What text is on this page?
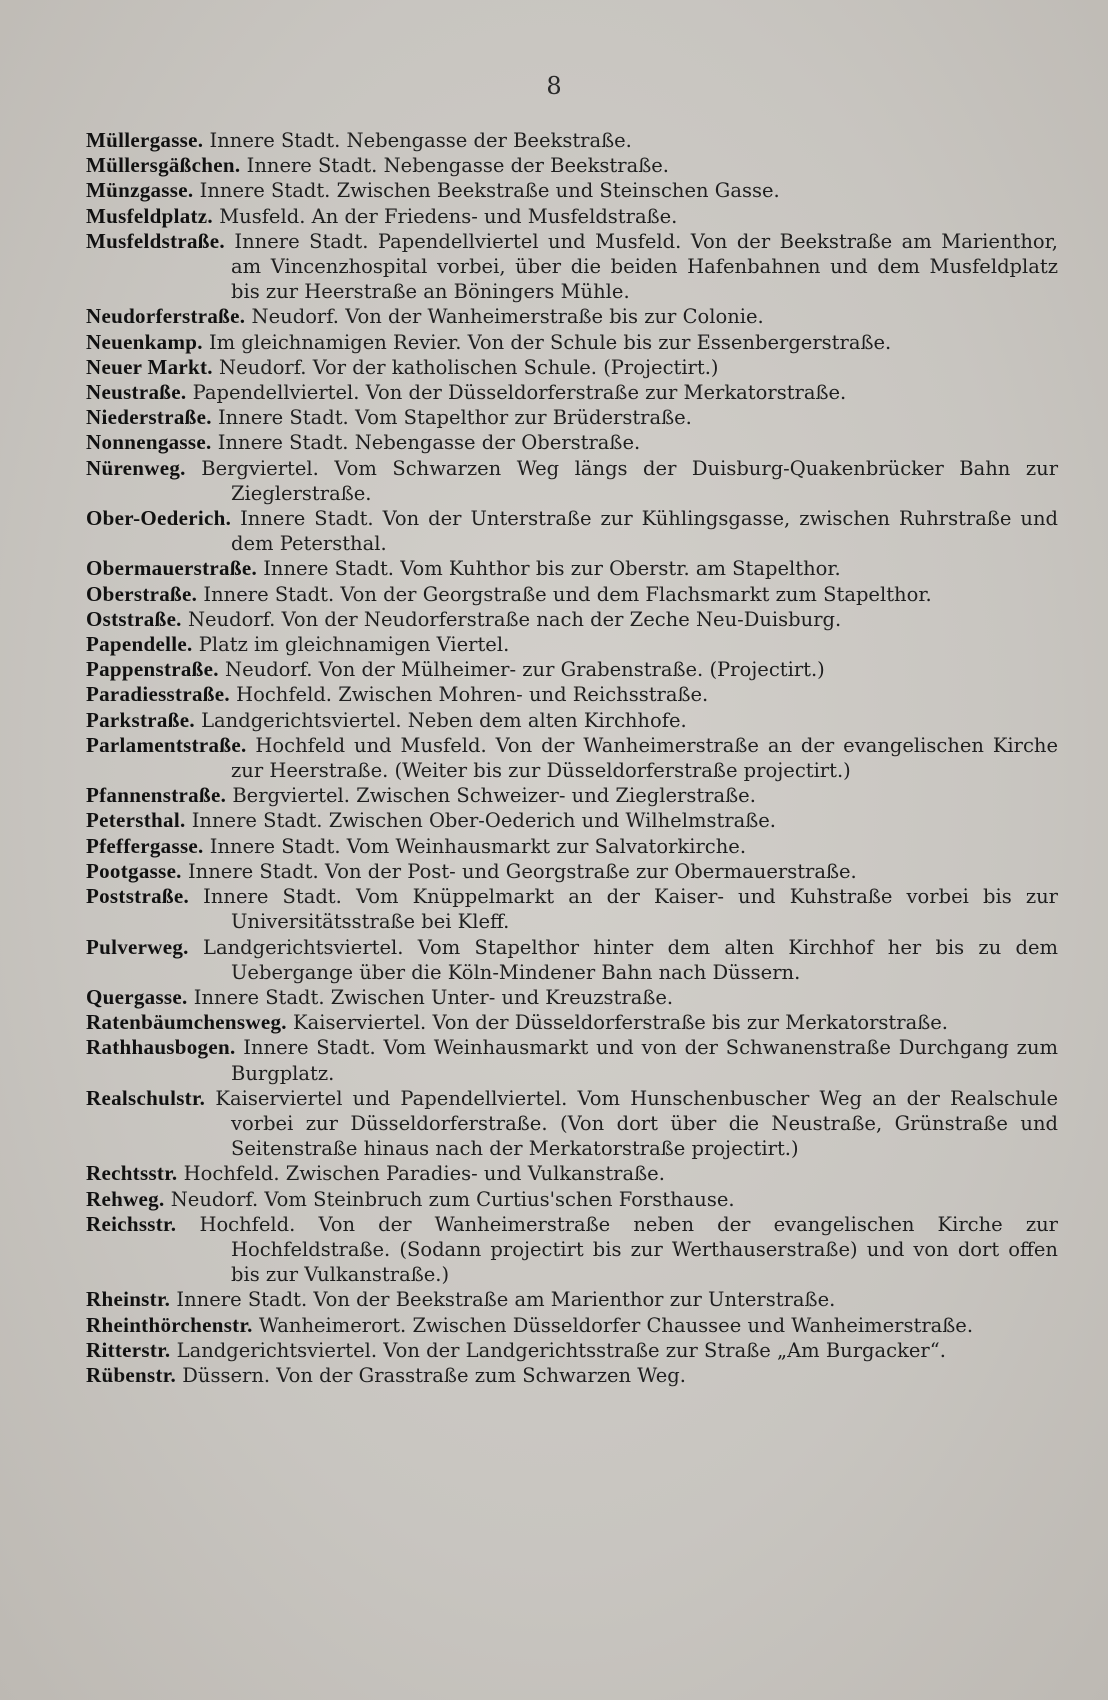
8
Müllergasse. Innere Stadt. Nebengasse der Beekstraße.
Müllersgäßchen. Innere Stadt. Nebengasse der Beekstraße.
Münzgasse. Innere Stadt. Zwischen Beekstraße und Steinschen Gasse.
Musfeldplatz. Musfeld. An der Friedens- und Musfeldstraße.
Musfeldstraße. Innere Stadt. Papendellviertel und Musfeld. Von der Beekstraße am Marienthor, am Vincenzhospital vorbei, über die beiden Hafenbahnen und dem Musfeldplatz bis zur Heerstraße an Böningers Mühle.
Neudorferstraße. Neudorf. Von der Wanheimerstraße bis zur Colonie.
Neuenkamp. Im gleichnamigen Revier. Von der Schule bis zur Essenbergerstraße.
Neuer Markt. Neudorf. Vor der katholischen Schule. (Projectirt.)
Neustraße. Papendellviertel. Von der Düsseldorferstraße zur Merkatorstraße.
Niederstraße. Innere Stadt. Vom Stapelthor zur Brüderstraße.
Nonnengasse. Innere Stadt. Nebengasse der Oberstraße.
Nürenweg. Bergviertel. Vom Schwarzen Weg längs der Duisburg-Quakenbrücker Bahn zur Zieglerstraße.
Ober-Oederich. Innere Stadt. Von der Unterstraße zur Kühlingsgasse, zwischen Ruhrstraße und dem Petersthal.
Obermauerstraße. Innere Stadt. Vom Kuhthor bis zur Oberstr. am Stapelthor.
Oberstraße. Innere Stadt. Von der Georgstraße und dem Flachsmarkt zum Stapelthor.
Oststraße. Neudorf. Von der Neudorferstraße nach der Zeche Neu-Duisburg.
Papendelle. Platz im gleichnamigen Viertel.
Pappenstraße. Neudorf. Von der Mülheimer- zur Grabenstraße. (Projectirt.)
Paradiesstraße. Hochfeld. Zwischen Mohren- und Reichsstraße.
Parkstraße. Landgerichtsviertel. Neben dem alten Kirchhofe.
Parlamentstraße. Hochfeld und Musfeld. Von der Wanheimerstraße an der evangelischen Kirche zur Heerstraße. (Weiter bis zur Düsseldorferstraße projectirt.)
Pfannenstraße. Bergviertel. Zwischen Schweizer- und Zieglerstraße.
Petersthal. Innere Stadt. Zwischen Ober-Oederich und Wilhelmstraße.
Pfeffergasse. Innere Stadt. Vom Weinhausmarkt zur Salvatorkirche.
Pootgasse. Innere Stadt. Von der Post- und Georgstraße zur Obermauerstraße.
Poststraße. Innere Stadt. Vom Knüppelmarkt an der Kaiser- und Kuhstraße vorbei bis zur Universitätsstraße bei Kleff.
Pulverweg. Landgerichtsviertel. Vom Stapelthor hinter dem alten Kirchhof her bis zu dem Uebergange über die Köln-Mindener Bahn nach Düssern.
Quergasse. Innere Stadt. Zwischen Unter- und Kreuzstraße.
Ratenbäumchensweg. Kaiserviertel. Von der Düsseldorferstraße bis zur Merkatorstraße.
Rathhausbogen. Innere Stadt. Vom Weinhausmarkt und von der Schwanenstraße Durchgang zum Burgplatz.
Realschulstr. Kaiserviertel und Papendellviertel. Vom Hunschenbuscher Weg an der Realschule vorbei zur Düsseldorferstraße. (Von dort über die Neustraße, Grünstraße und Seitenstraße hinaus nach der Merkatorstraße projectirt.)
Rechtsstr. Hochfeld. Zwischen Paradies- und Vulkanstraße.
Rehweg. Neudorf. Vom Steinbruch zum Curtius'schen Forsthause.
Reichsstr. Hochfeld. Von der Wanheimerstraße neben der evangelischen Kirche zur Hochfeldstraße. (Sodann projectirt bis zur Werthauserstraße) und von dort offen bis zur Vulkanstraße.)
Rheinstr. Innere Stadt. Von der Beekstraße am Marienthor zur Unterstraße.
Rheinthörchenstr. Wanheimerort. Zwischen Düsseldorfer Chaussee und Wanheimerstraße.
Ritterstr. Landgerichtsviertel. Von der Landgerichtsstraße zur Straße „Am Burgacker“.
Rübenstr. Düssern. Von der Grasstraße zum Schwarzen Weg.
